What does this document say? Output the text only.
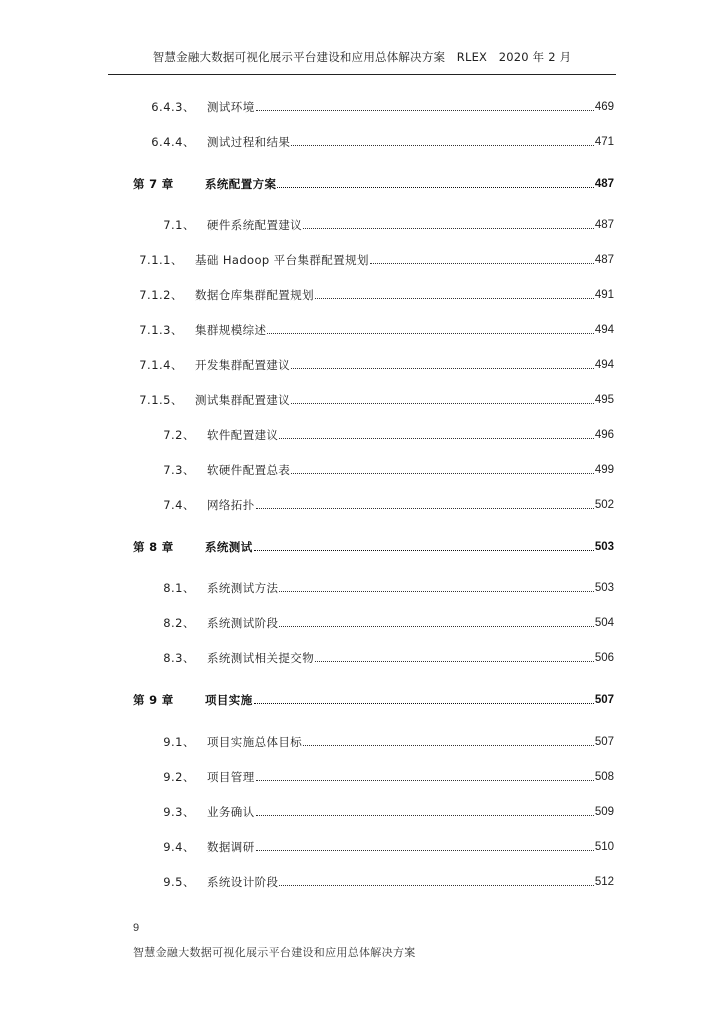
智慧金融大数据可视化展示平台建设和应用总体解决方案 RLEX 2020 年 2 月
6.4.3、 测试环境	469
6.4.4、 测试过程和结果	471
第 7 章	系统配置方案	487
7.1、 硬件系统配置建议	487
7.1.1、 基础 Hadoop 平台集群配置规划	487
7.1.2、 数据仓库集群配置规划	491
7.1.3、 集群规模综述	494
7.1.4、 开发集群配置建议	494
7.1.5、 测试集群配置建议	495
7.2、 软件配置建议	496
7.3、 软硬件配置总表	499
7.4、 网络拓扑	502
第 8 章	系统测试	503
8.1、 系统测试方法	503
8.2、 系统测试阶段	504
8.3、 系统测试相关提交物	506
第 9 章	项目实施	507
9.1、 项目实施总体目标	507
9.2、 项目管理	508
9.3、 业务确认	509
9.4、 数据调研	510
9.5、 系统设计阶段	512
9
智慧金融大数据可视化展示平台建设和应用总体解决方案
